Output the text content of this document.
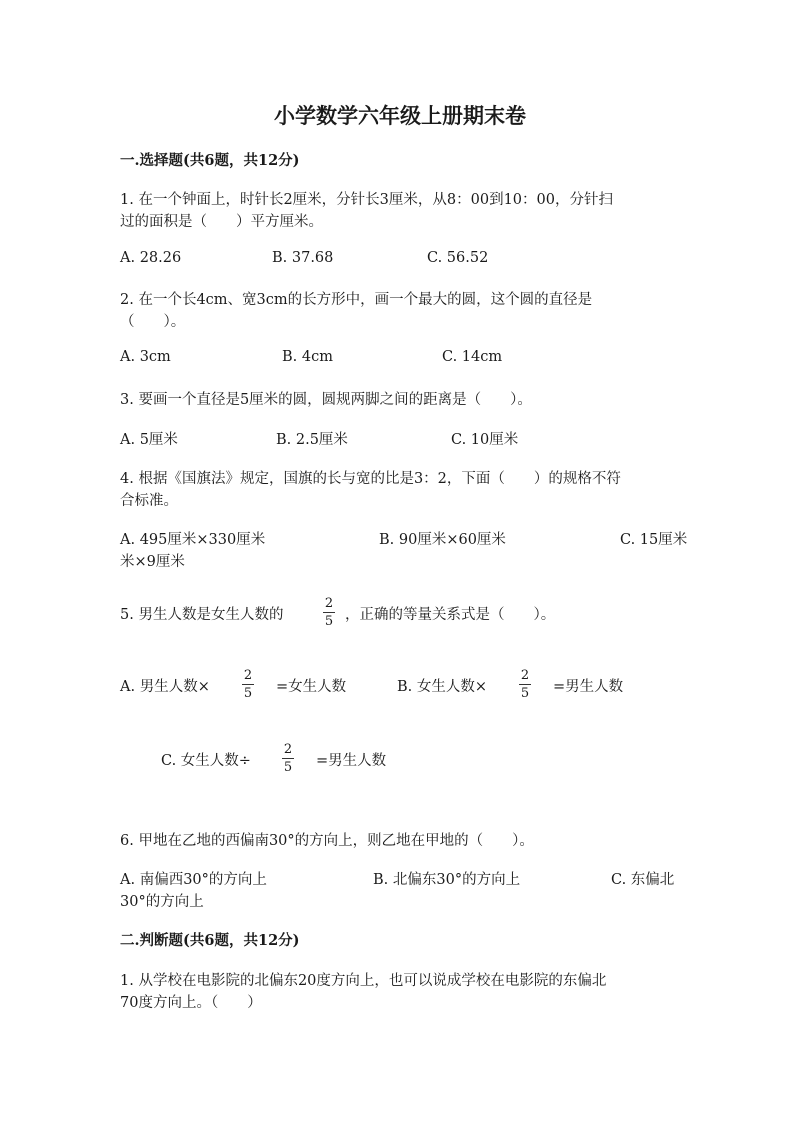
小学数学六年级上册期末卷
一.选择题(共6题，共12分)
1. 在一个钟面上，时针长2厘米，分针长3厘米，从8：00到10：00，分针扫
过的面积是（　　）平方厘米。
A. 28.26	B. 37.68	C. 56.52
2. 在一个长4cm、宽3cm的长方形中，画一个最大的圆，这个圆的直径是
（　　）。
A. 3cm	B. 4cm	C. 14cm
3. 要画一个直径是5厘米的圆，圆规两脚之间的距离是（　　）。
A. 5厘米	B. 2.5厘米	C. 10厘米
4. 根据《国旗法》规定，国旗的长与宽的比是3：2，下面（　　）的规格不符
合标准。
A. 495厘米×330厘米	B. 90厘米×60厘米	C. 15厘米
米×9厘米
5. 男生人数是女生人数的
2
5 ，正确的等量关系式是（　　）。
A. 男生人数×
2
5 =女生人数	B. 女生人数×
2
5 =男生人数
C. 女生人数÷
2
5 =男生人数
6. 甲地在乙地的西偏南30°的方向上，则乙地在甲地的（　　）。
A. 南偏西30°的方向上	B. 北偏东30°的方向上	C. 东偏北
30°的方向上
二.判断题(共6题，共12分)
1. 从学校在电影院的北偏东20度方向上，也可以说成学校在电影院的东偏北
70度方向上。（　　）
